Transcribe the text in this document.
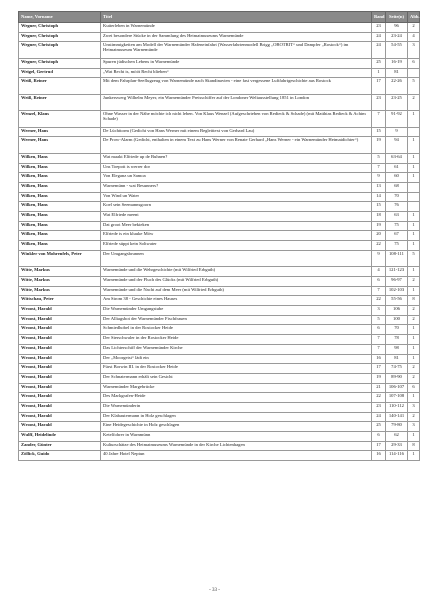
Name, Vorname	Titel	Band	Seite(n)	Abb.
Wegner, Christoph	Kutterleben in Warnemünde	23	96	2
Wegner, Christoph	Zwei besondere Stücke in der Sammlung des Heimatmuseums Warnemünde	24	23-24	4
Wegner, Christoph	Unstimmigkeiten am Modell der Warnemünder Hafeneinfahrt (Wasserfahrtenmodell Brigg „OBOTRIT“ und Dampfer „Rostock“) im Heimatmuseum Warnemünde	24	54-55	3
Wegner, Christoph	Spuren jüdischen Lebens in Warnemünde	25	16-19	6
Weigel, Gertrud	„Wat Recht is, mööt Recht blieben“	1	81	
Weiß, Reiner	Mit dem Fahrplan-Seeflugzeug von Warnemünde nach Skandinavien - eine fast vergessene Luftfahrtgeschichte aus Rostock	17	22-26	5
Weiß, Reiner	Junkerswerg Wilhelm Meyer, ein Warnemünder Preisschiffer auf der Londoner Weltausstellung 1851 in London	23	23-25	2
Wenzel, Klaus	Ohne Wasser in der Nähe möchte ich nicht leben. Von Klaus Wenzel (Aufgeschrieben von Redieck & Schade) (mit Matthias Redieck & Achim Schade)	7	91-92	1
Werner, Hans	De Lüchttorm (Gedicht von Hans Werner mit einem Begleittext von Gerhard Lau)	15	9	
Werner, Hans	De Prow-Alarm (Gedicht, enthalten in einem Text zu Hans Werner von Renate Gerhard „Hans Werner - ein Warnemünder Heimatdichter“)	19	94	1
Wilken, Hans	Wat maakt Elfriede up de Buhnen?	5	63-64	1
Wilken, Hans	Uns Toepott is werrer dor	7	61	1
Wilken, Hans	Von Eleganz un Samoa	9	60	1
Wilken, Hans	Warnemünn - wat Besunners?	13	68	
Wilken, Hans	Von Wind un Water	14	70	
Wilken, Hans	Koel sein Seemannsgoorn	15	76	
Wilken, Hans	Wat Elfriede meent	18	63	1
Wilken, Hans	Dat groot Meer bekieken	19	75	1
Wilken, Hans	Elfriede is ein kluuke Möw	20	67	1
Wilken, Hans	Elfriede süppt kein Soltwater	22	75	1
Winkler von Mohrenfels, Peter	Der Umgangsbrunnen	9	108-111	5
Witte, Markus	Warnemünde und die Wehrgeschichte (mit Wilfried Erbguth)	4	121-123	1
Witte, Markus	Warnemünde und der Fluch des Glücks (mit Wilfried Erbguth)	6	96-97	2
Witte, Markus	Warnemünde und die Nacht auf dem Meer (mit Wilfried Erbguth)	7	102-103	1
Wittschau, Peter	Am Strom 38 - Geschichte eines Hauses	22	55-56	8
Wroost, Harald	Die Warnemünder Umgangstube	3	106	2
Wroost, Harald	Der Alltagsbot der Warnemünder Fischfrauen	5	100	2
Wroost, Harald	Schmiedhobel in der Rostocker Heide	6	70	1
Wroost, Harald	Der Sterschwaler in der Rostocker Heide	7	78	1
Wroost, Harald	Das Lichterschiff der Warnemünder Kirche	7	98	1
Wroost, Harald	Der „Moorgeist“ lädt ein	16	81	1
Wroost, Harald	Fürst Borwin III. in der Rostocker Heide	17	74-75	2
Wroost, Harald	Der Schnatermann erhält sein Gesicht	19	89-90	2
Wroost, Harald	Warnemünder Margebrücke	21	106-107	6
Wroost, Harald	Des Markgrafen-Heide	22	107-108	1
Wroost, Harald	Die Warnemünderin	23	110-112	3
Wroost, Harald	Der Klabautermann in Holz geschlagen	24	140-141	2
Wroost, Harald	Eine Heidegeschichte in Holz geschlagen	25	79-80	3
Wulff, Heidelinde	Ketelfohrer in Warnmünn	6	62	1
Zander, Günter	Kulturschätze des Heimatmuseums Warnemünde in der Kirche Lichtenhagen	17	29-33	8
Zöllick, Guido	40 Jahre Hotel Neptun	16	114-116	1
- 33 -
